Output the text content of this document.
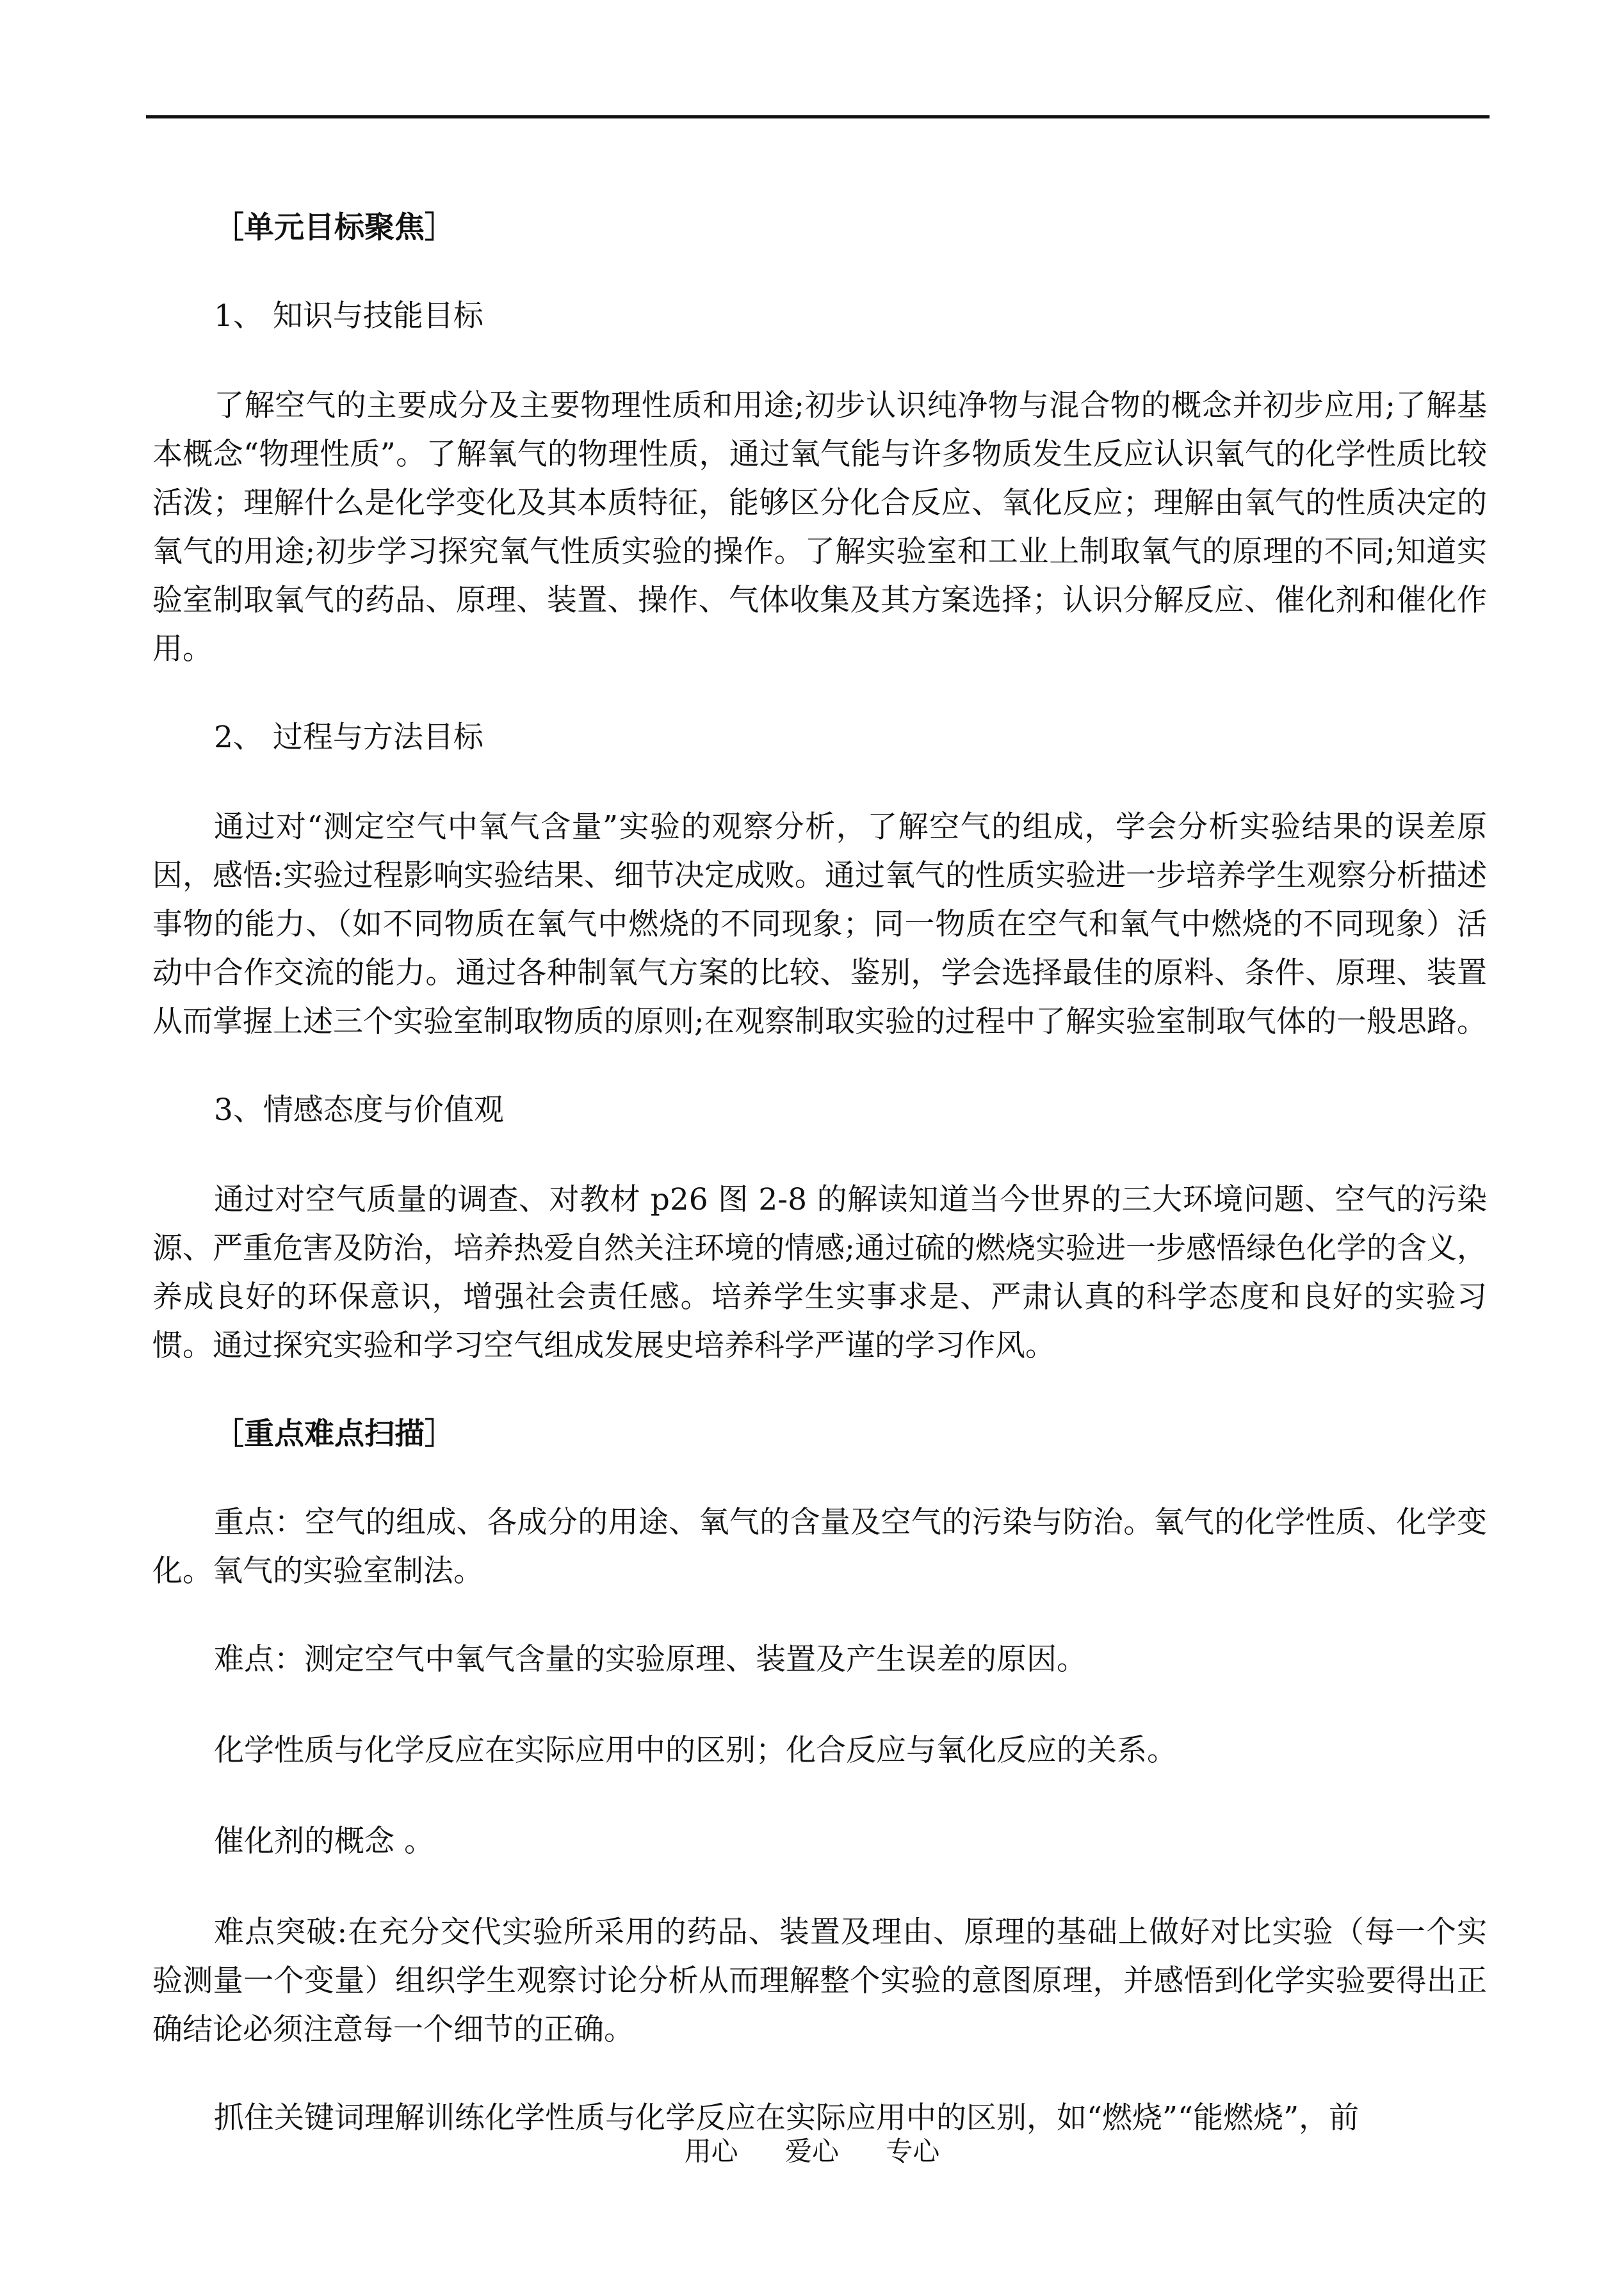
［单元目标聚焦］
1、 知识与技能目标

了解空气的主要成分及主要物理性质和用途;初步认识纯净物与混合物的概念并初步应用;了解基本概念“物理性质”。了解氧气的物理性质，通过氧气能与许多物质发生反应认识氧气的化学性质比较活泼；理解什么是化学变化及其本质特征，能够区分化合反应、氧化反应；理解由氧气的性质决定的氧气的用途;初步学习探究氧气性质实验的操作。了解实验室和工业上制取氧气的原理的不同;知道实验室制取氧气的药品、原理、装置、操作、气体收集及其方案选择；认识分解反应、催化剂和催化作用。

2、 过程与方法目标

通过对“测定空气中氧气含量”实验的观察分析，了解空气的组成，学会分析实验结果的误差原因，感悟:实验过程影响实验结果、细节决定成败。通过氧气的性质实验进一步培养学生观察分析描述事物的能力、（如不同物质在氧气中燃烧的不同现象；同一物质在空气和氧气中燃烧的不同现象）活动中合作交流的能力。通过各种制氧气方案的比较、鉴别，学会选择最佳的原料、条件、原理、装置从而掌握上述三个实验室制取物质的原则;在观察制取实验的过程中了解实验室制取气体的一般思路。

3、情感态度与价值观

通过对空气质量的调查、对教材 p26 图 2-8 的解读知道当今世界的三大环境问题、空气的污染源、严重危害及防治，培养热爱自然关注环境的情感;通过硫的燃烧实验进一步感悟绿色化学的含义，养成良好的环保意识，增强社会责任感。培养学生实事求是、严肃认真的科学态度和良好的实验习惯。通过探究实验和学习空气组成发展史培养科学严谨的学习作风。

［重点难点扫描］

重点：空气的组成、各成分的用途、氧气的含量及空气的污染与防治。氧气的化学性质、化学变化。氧气的实验室制法。

难点：测定空气中氧气含量的实验原理、装置及产生误差的原因。

化学性质与化学反应在实际应用中的区别；化合反应与氧化反应的关系。

催化剂的概念 。

难点突破:在充分交代实验所采用的药品、装置及理由、原理的基础上做好对比实验（每一个实验测量一个变量）组织学生观察讨论分析从而理解整个实验的意图原理，并感悟到化学实验要得出正确结论必须注意每一个细节的正确。

抓住关键词理解训练化学性质与化学反应在实际应用中的区别，如“燃烧”“能燃烧”，前

用心 爱心 专心
